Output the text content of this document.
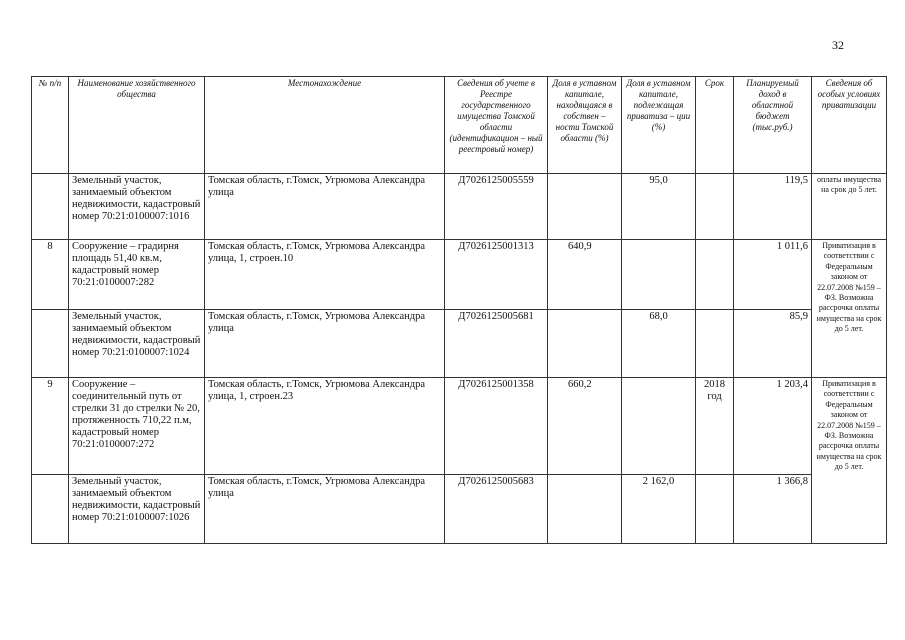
32
№ п/п	Наименование хозяйственного общества	Местонахождение	Сведения об учете в Реестре государственного имущества Томской области (идентификацион – ный реестровый номер)	Доля в уставном капитале, находящаяся в собствен – ности Томской области (%)	Доля в уставном капитале, подлежащая приватиза – ции (%)	Срок	Планируемый доход в областной бюджет (тыс.руб.)	Сведения об особых условиях приватизации
	Земельный участок, занимаемый объектом недвижимости, кадастровый номер 70:21:0100007:1016	Томская область, г.Томск, Угрюмова Александра улица	Д7026125005559		95,0		119,5	оплаты имущества на срок до 5 лет.
8	Сооружение – градирня площадь 51,40 кв.м, кадастровый номер 70:21:0100007:282	Томская область, г.Томск, Угрюмова Александра улица, 1, строен.10	Д7026125001313	640,9			1 011,6	Приватизация в соответствии с Федеральным законом от 22.07.2008 №159 – ФЗ. Возможна рассрочка оплаты имущества на срок до 5 лет.
	Земельный участок, занимаемый объектом недвижимости, кадастровый номер 70:21:0100007:1024	Томская область, г.Томск, Угрюмова Александра улица	Д7026125005681		68,0		85,9	
9	Сооружение – соединительный путь от стрелки 31 до стрелки № 20, протяженность 710,22 п.м, кадастровый номер 70:21:0100007:272	Томская область, г.Томск, Угрюмова Александра улица, 1, строен.23	Д7026125001358	660,2		2018 год	1 203,4	Приватизация в соответствии с Федеральным законом от 22.07.2008 №159 – ФЗ. Возможна рассрочка оплаты имущества на срок до 5 лет.
	Земельный участок, занимаемый объектом недвижимости, кадастровый номер 70:21:0100007:1026	Томская область, г.Томск, Угрюмова Александра улица	Д7026125005683		2 162,0		1 366,8	
